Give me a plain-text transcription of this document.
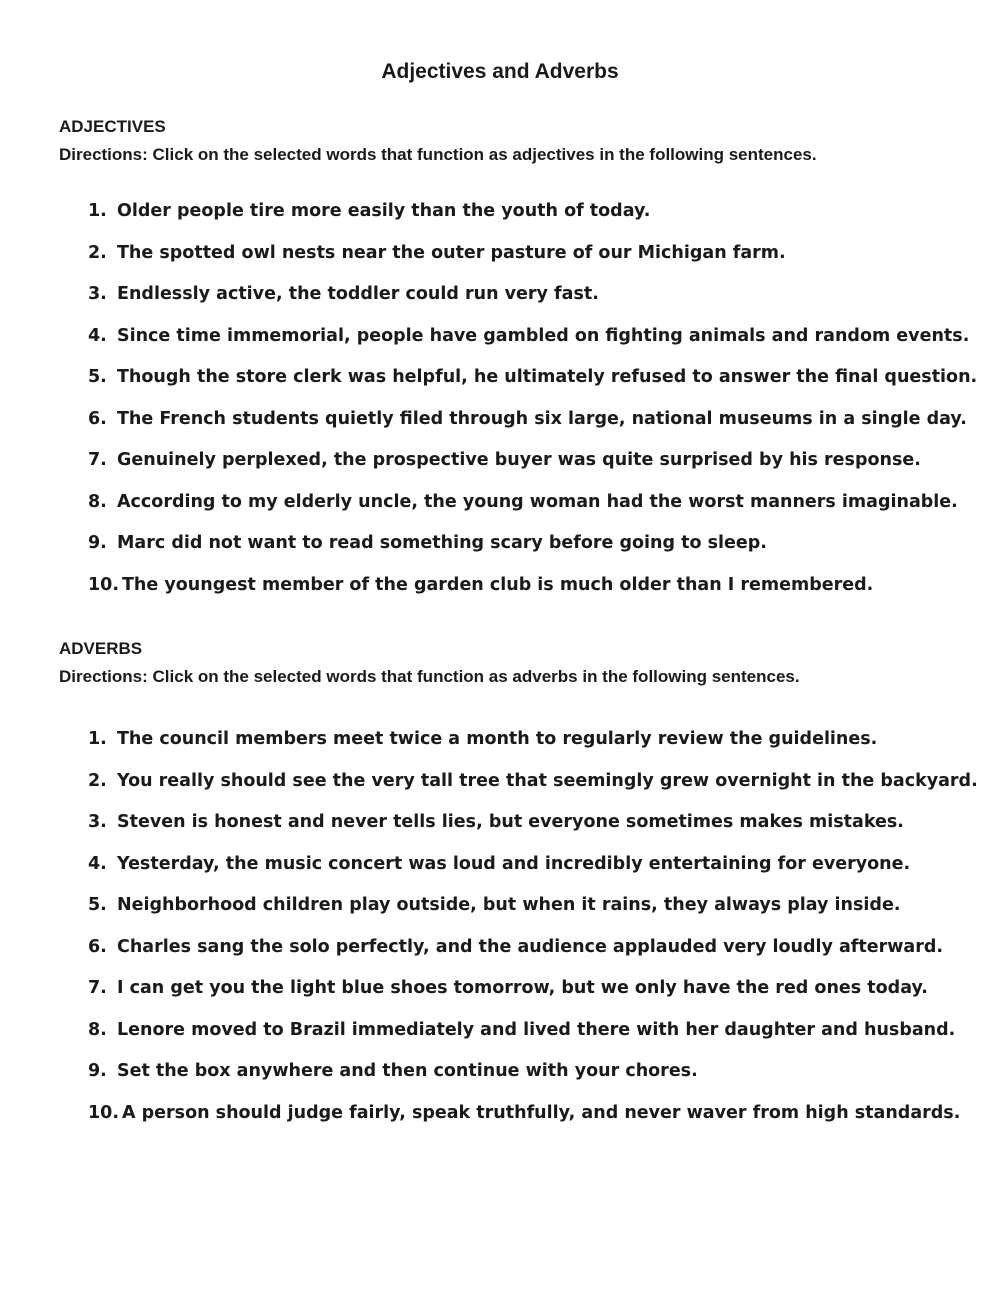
Adjectives and Adverbs
ADJECTIVES

Directions: Click on the selected words that function as adjectives in the following sentences.

1. Older people tire more easily than the youth of today.
2. The spotted owl nests near the outer pasture of our Michigan farm.
3. Endlessly active, the toddler could run very fast.
4. Since time immemorial, people have gambled on fighting animals and random events.
5. Though the store clerk was helpful, he ultimately refused to answer the final question.
6. The French students quietly filed through six large, national museums in a single day.
7. Genuinely perplexed, the prospective buyer was quite surprised by his response.
8. According to my elderly uncle, the young woman had the worst manners imaginable.
9. Marc did not want to read something scary before going to sleep.
10. The youngest member of the garden club is much older than I remembered.
ADVERBS

Directions: Click on the selected words that function as adverbs in the following sentences.

1. The council members meet twice a month to regularly review the guidelines.
2. You really should see the very tall tree that seemingly grew overnight in the backyard.
3. Steven is honest and never tells lies, but everyone sometimes makes mistakes.
4. Yesterday, the music concert was loud and incredibly entertaining for everyone.
5. Neighborhood children play outside, but when it rains, they always play inside.
6. Charles sang the solo perfectly, and the audience applauded very loudly afterward.
7. I can get you the light blue shoes tomorrow, but we only have the red ones today.
8. Lenore moved to Brazil immediately and lived there with her daughter and husband.
9. Set the box anywhere and then continue with your chores.
10. A person should judge fairly, speak truthfully, and never waver from high standards.
